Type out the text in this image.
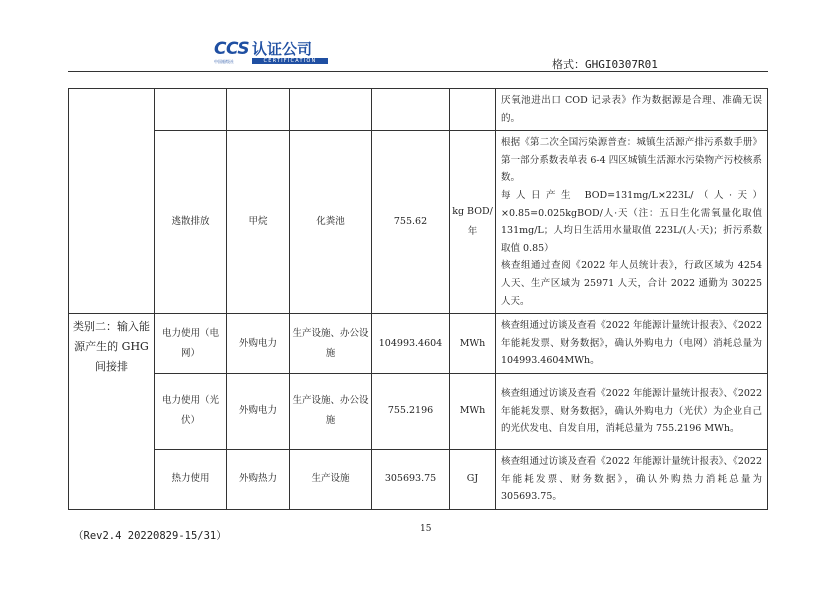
CCS 认证公司
中国船级社	CERTIFICATION	格式：GHGI0307R01
						厌氧池进出口 COD 记录表》作为数据源是合理、准确无误的。
	逃散排放	甲烷	化粪池	755.62	kg BOD/年	根据《第二次全国污染源普查：城镇生活源产排污系数手册》第一部分系数表单表 6-4 四区城镇生活源水污染物产污校核系数。
每人日产生 BOD=131mg/L×223L/（人·天）×0.85=0.025kgBOD/人·天（注：五日生化需氧量化取值 131mg/L；人均日生活用水量取值 223L/(人·天)；折污系数取值 0.85）
核查组通过查阅《2022 年人员统计表》，行政区域为 4254 人天、生产区域为 25971 人天，合计 2022 通勤为 30225 人天。

类别二：输入能源产生的 GHG 间接排	电力使用（电网）	外购电力	生产设施、办公设施	104993.4604	MWh	核查组通过访谈及查看《2022 年能源计量统计报表》、《2022 年能耗发票、财务数据》，确认外购电力（电网）消耗总量为 104993.4604MWh。
	电力使用（光伏）	外购电力	生产设施、办公设施	755.2196	MWh	核查组通过访谈及查看《2022 年能源计量统计报表》、《2022 年能耗发票、财务数据》，确认外购电力（光伏）为企业自己的光伏发电、自发自用，消耗总量为 755.2196 MWh。
	热力使用	外购热力	生产设施	305693.75	GJ	核查组通过访谈及查看《2022 年能源计量统计报表》、《2022 年能耗发票、财务数据》，确认外购热力消耗总量为 305693.75。
（Rev2.4 20220829-15/31）
15
